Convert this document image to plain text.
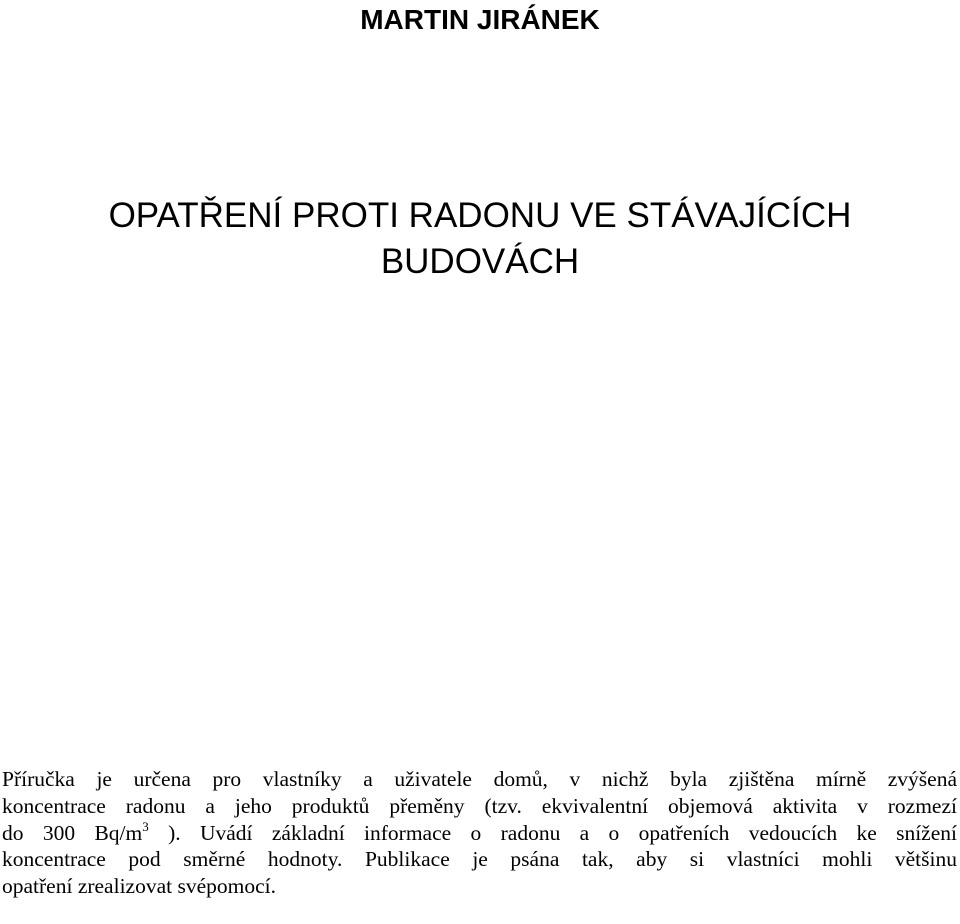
MARTIN JIRÁNEK
OPATŘENÍ PROTI RADONU VE STÁVAJÍCÍCH
BUDOVÁCH

Příručka je určena pro vlastníky a uživatele domů, v nichž byla zjištěna mírně zvýšená
koncentrace radonu a jeho produktů přeměny (tzv. ekvivalentní objemová aktivita v rozmezí
do 300 $Bq/m^3$ ). Uvádí základní informace o radonu a o opatřeních vedoucích ke snížení
koncentrace pod směrné hodnoty. Publikace je psána tak, aby si vlastníci mohli většinu
opatření zrealizovat svépomocí.
